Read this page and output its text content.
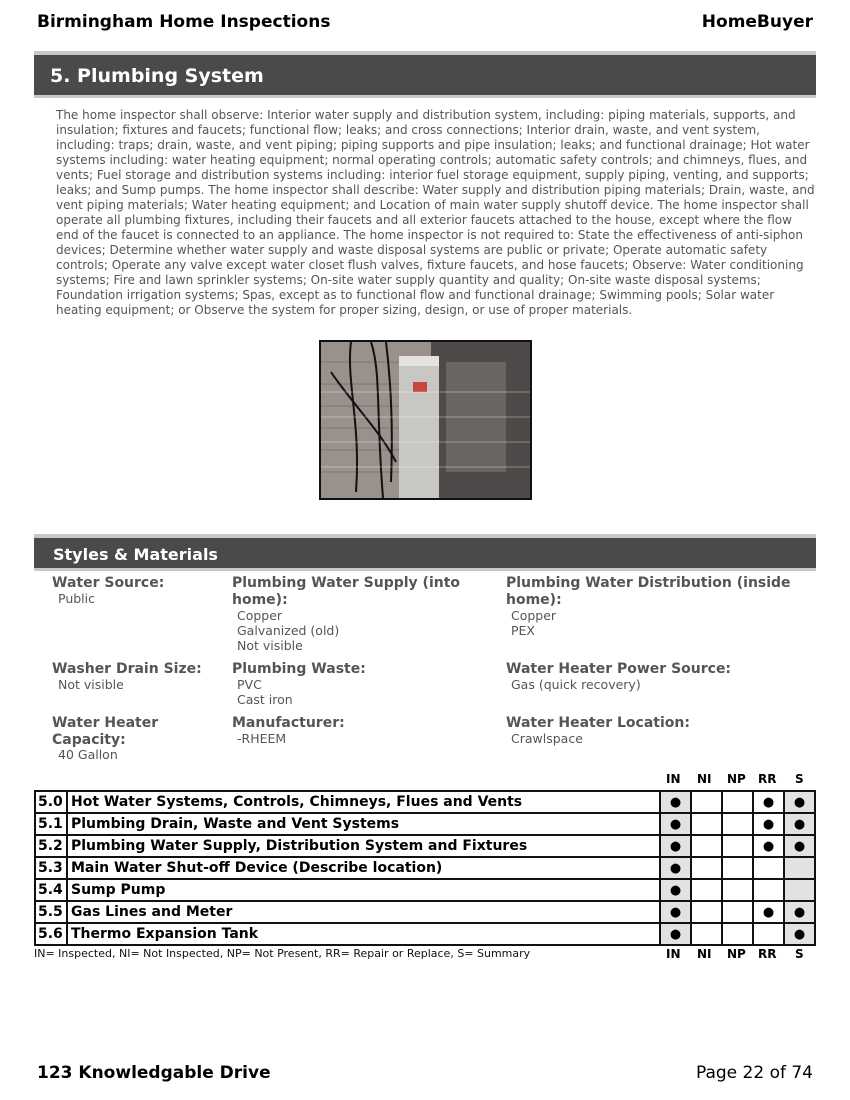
Birmingham Home Inspections	HomeBuyer
5. Plumbing System
The home inspector shall observe: Interior water supply and distribution system, including: piping materials, supports, and insulation; fixtures and faucets; functional flow; leaks; and cross connections; Interior drain, waste, and vent system, including: traps; drain, waste, and vent piping; piping supports and pipe insulation; leaks; and functional drainage; Hot water systems including: water heating equipment; normal operating controls; automatic safety controls; and chimneys, flues, and vents; Fuel storage and distribution systems including: interior fuel storage equipment, supply piping, venting, and supports; leaks; and Sump pumps. The home inspector shall describe: Water supply and distribution piping materials; Drain, waste, and vent piping materials; Water heating equipment; and Location of main water supply shutoff device. The home inspector shall operate all plumbing fixtures, including their faucets and all exterior faucets attached to the house, except where the flow end of the faucet is connected to an appliance. The home inspector is not required to: State the effectiveness of anti-siphon devices; Determine whether water supply and waste disposal systems are public or private; Operate automatic safety controls; Operate any valve except water closet flush valves, fixture faucets, and hose faucets; Observe: Water conditioning systems; Fire and lawn sprinkler systems; On-site water supply quantity and quality; On-site waste disposal systems; Foundation irrigation systems; Spas, except as to functional flow and functional drainage; Swimming pools; Solar water heating equipment; or Observe the system for proper sizing, design, or use of proper materials.
Styles & Materials
Water Source:
Public
Plumbing Water Supply (into home):
Copper
Galvanized (old)
Not visible
Plumbing Water Distribution (inside home):
Copper
PEX
Washer Drain Size:
Not visible
Plumbing Waste:
PVC
Cast iron
Water Heater Power Source:
Gas (quick recovery)
Water Heater Capacity:
40 Gallon
Manufacturer:
-RHEEM
Water Heater Location:
Crawlspace
IN NI NP RR S
5.0	Hot Water Systems, Controls, Chimneys, Flues and Vents	●			●	●
5.1	Plumbing Drain, Waste and Vent Systems	●			●	●
5.2	Plumbing Water Supply, Distribution System and Fixtures	●			●	●
5.3	Main Water Shut-off Device (Describe location)	●				
5.4	Sump Pump	●				
5.5	Gas Lines and Meter	●			●	●
5.6	Thermo Expansion Tank	●				●
IN= Inspected, NI= Not Inspected, NP= Not Present, RR= Repair or Replace, S= Summary	IN NI NP RR S
123 Knowledgable Drive	Page 22 of 74
